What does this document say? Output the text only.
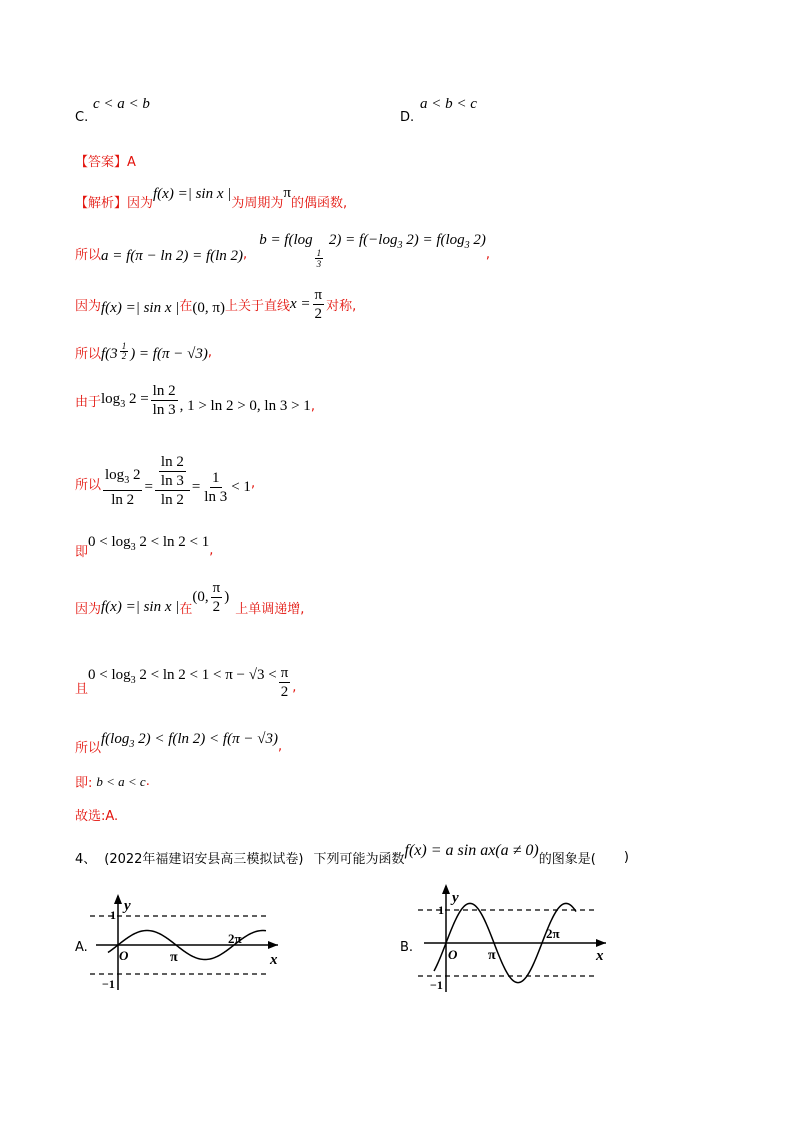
C.
c < a < b
D.
a < b < c
【答案】A
【解析】因为
f(x) =| sin x |
为周期为
π
的偶函数,
所以 a = f(π − ln 2) = f(ln 2) ,
b = f(log
$\frac{1}{3}$
$2) = f(-\log_3$ $2) = f(\log_3$ 2)
,
因为 f(x) =| sin x | 在 (0, π) 上关于直线 $x = \frac{\pi}{2}$ 对称,
所以 $f(3 \frac{1}{2}$ ) = f(π − √3) ,
由于 $\log_3 2 = \frac{\ln 2}{\ln 3}$ , 1 > ln 2 > 0 , ln 3 > 1 ,
所以 $\frac{\log_3 2}{\ln 2} = \frac{\frac{\ln 2}{\ln 3}}{\ln 2} = \frac{1}{\ln 3} < 1$ ,
即
$0 < \log_3 2 < \ln 2 < 1$
,
因为 f(x) =| sin x | 在
(0, $\frac{\pi}{2}$ )
上单调递增,
且
$0 < \log_3 2 < \ln 2 < 1 < \pi - √3 < \frac{\pi}{2}$ ,
所以
$f(\log_3$ 2) < f(ln 2) < f(π − √3) ,
即: b < a < c .
故选:A.
4、 (2022年福建诏安县高三模拟试卷) 下列可能为函数
f(x) = a sin ax(a ≠ 0)
的图象是( )
A.
y
x
O
1
−1
π
2π
B.
y
x
O
1
−1
π
2π
